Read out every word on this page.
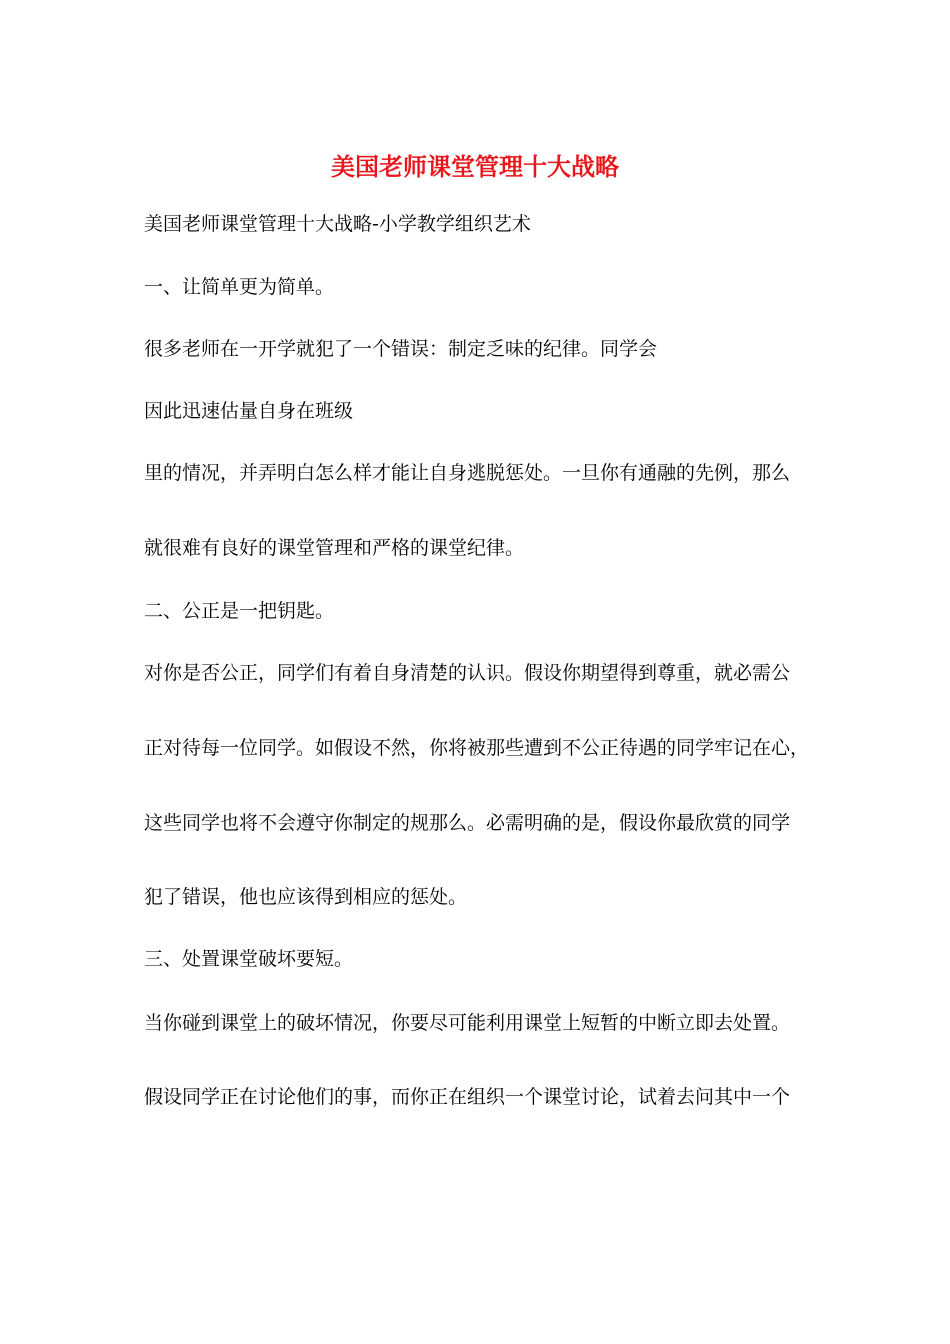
美国老师课堂管理十大战略
美国老师课堂管理十大战略-小学教学组织艺术
一、让简单更为简单。
很多老师在一开学就犯了一个错误：制定乏味的纪律。同学会
因此迅速估量自身在班级
里的情况，并弄明白怎么样才能让自身逃脱惩处。一旦你有通融的先例，那么
就很难有良好的课堂管理和严格的课堂纪律。
二、公正是一把钥匙。
对你是否公正，同学们有着自身清楚的认识。假设你期望得到尊重，就必需公
正对待每一位同学。如假设不然，你将被那些遭到不公正待遇的同学牢记在心，
这些同学也将不会遵守你制定的规那么。必需明确的是，假设你最欣赏的同学
犯了错误，他也应该得到相应的惩处。
三、处置课堂破坏要短。
当你碰到课堂上的破坏情况，你要尽可能利用课堂上短暂的中断立即去处置。
假设同学正在讨论他们的事，而你正在组织一个课堂讨论，试着去问其中一个
